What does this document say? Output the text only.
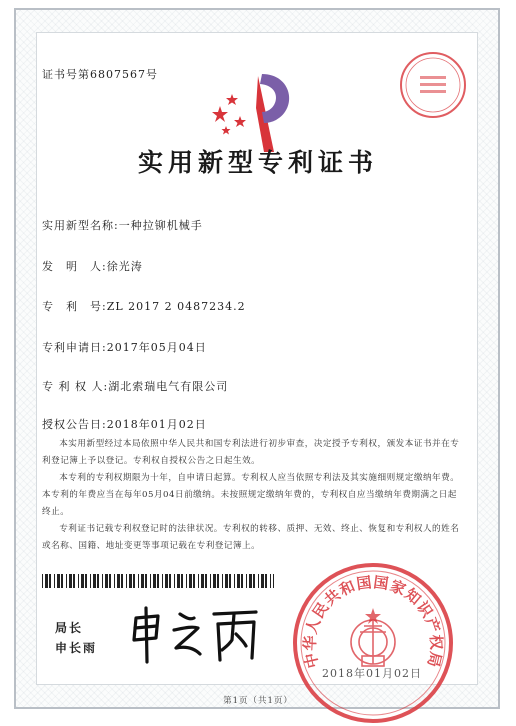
证书号第6807567号
实用新型专利证书
实用新型名称:一种拉铆机械手
发　明　人:徐光涛
专　利　号:ZL 2017 2 0487234.2
专利申请日:2017年05月04日
专 利 权 人:湖北索瑞电气有限公司
授权公告日:2018年01月02日
本实用新型经过本局依照中华人民共和国专利法进行初步审查，决定授予专利权，颁发本证书并在专利登记簿上予以登记。专利权自授权公告之日起生效。
本专利的专利权期限为十年，自申请日起算。专利权人应当依照专利法及其实施细则规定缴纳年费。本专利的年费应当在每年05月04日前缴纳。未按照规定缴纳年费的，专利权自应当缴纳年费期满之日起终止。
专利证书记载专利权登记时的法律状况。专利权的转移、质押、无效、终止、恢复和专利权人的姓名或名称、国籍、地址变更等事项记载在专利登记簿上。
局长
申长雨
中华人民共和国国家知识产权局
2018年01月02日
第1页（共1页）
